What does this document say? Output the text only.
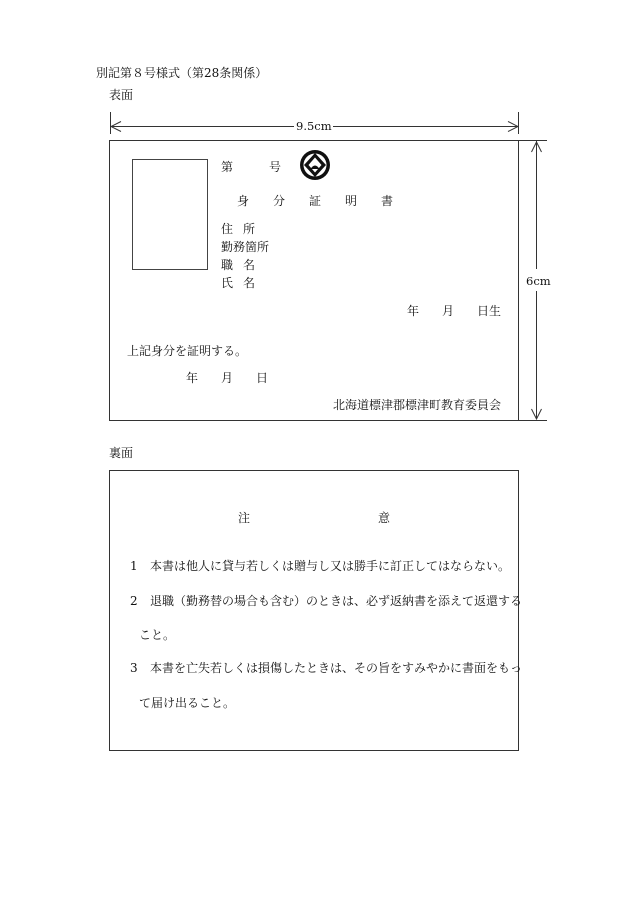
別記第８号様式（第28条関係）
表面
9.5cm
6cm
第	号
身 分 証 明 書
住 所
勤務箇所
職 名
氏 名
年 月 日生
上記身分を証明する。
年 月 日
北海道標津郡標津町教育委員会
裏面
注	意
1 本書は他人に貸与若しくは贈与し又は勝手に訂正してはならない。
2 退職（勤務替の場合も含む）のときは、必ず返納書を添えて返還する
こと。
3 本書を亡失若しくは損傷したときは、その旨をすみやかに書面をもっ
て届け出ること。
